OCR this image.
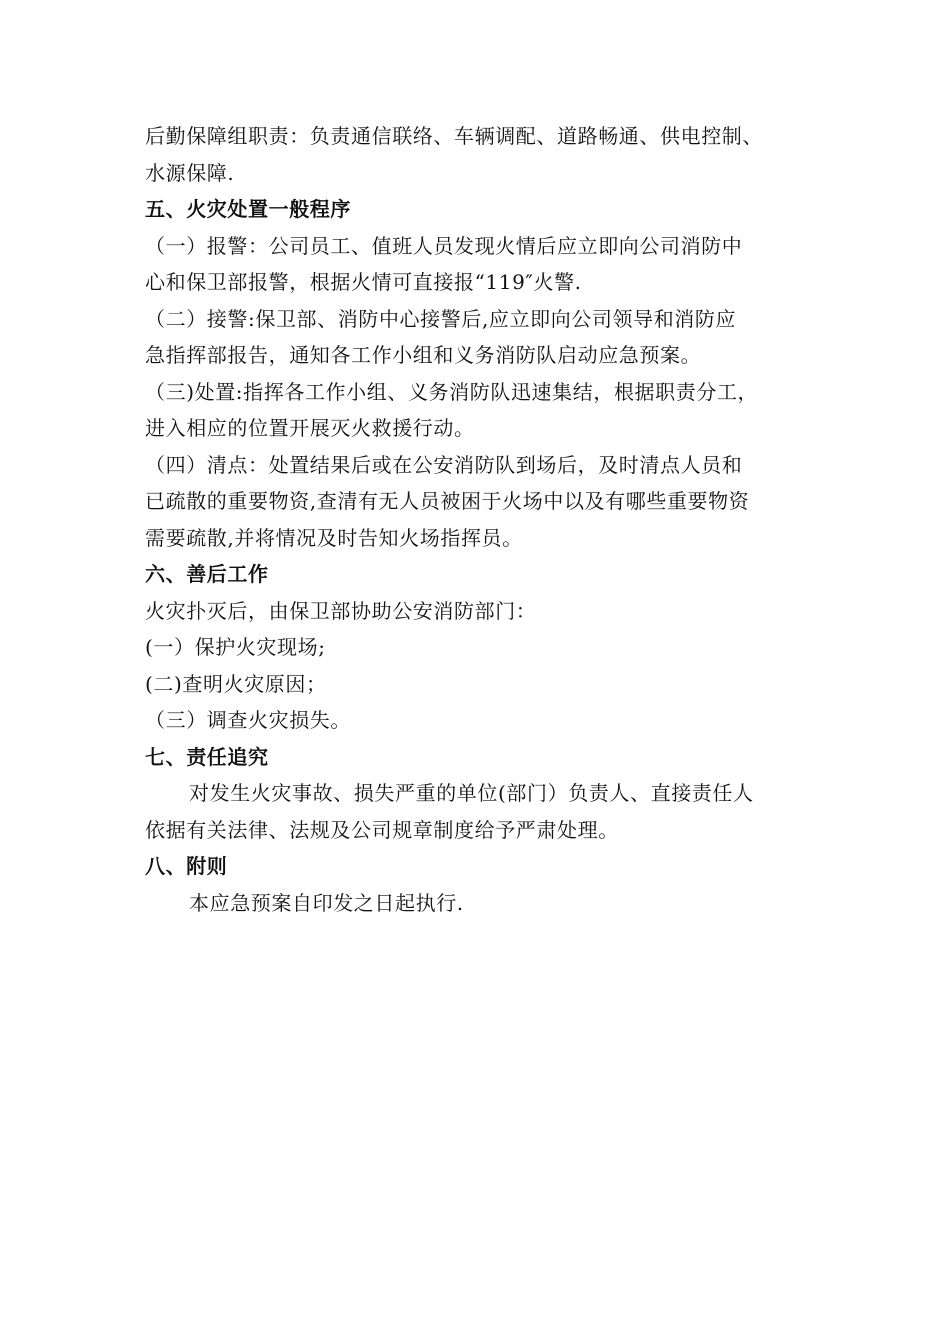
后勤保障组职责：负责通信联络、车辆调配、道路畅通、供电控制、
水源保障.
五、火灾处置一般程序
（一）报警：公司员工、值班人员发现火情后应立即向公司消防中
心和保卫部报警，根据火情可直接报“119″火警.
（二）接警:保卫部、消防中心接警后,应立即向公司领导和消防应
急指挥部报告，通知各工作小组和义务消防队启动应急预案。
（三)处置:指挥各工作小组、义务消防队迅速集结，根据职责分工，
进入相应的位置开展灭火救援行动。
（四）清点：处置结果后或在公安消防队到场后，及时清点人员和
已疏散的重要物资,查清有无人员被困于火场中以及有哪些重要物资
需要疏散,并将情况及时告知火场指挥员。
六、善后工作
火灾扑灭后，由保卫部协助公安消防部门：
(一）保护火灾现场;
(二)查明火灾原因；
（三）调查火灾损失。
七、责任追究
对发生火灾事故、损失严重的单位(部门）负责人、直接责任人
依据有关法律、法规及公司规章制度给予严肃处理。
八、附则
本应急预案自印发之日起执行.
